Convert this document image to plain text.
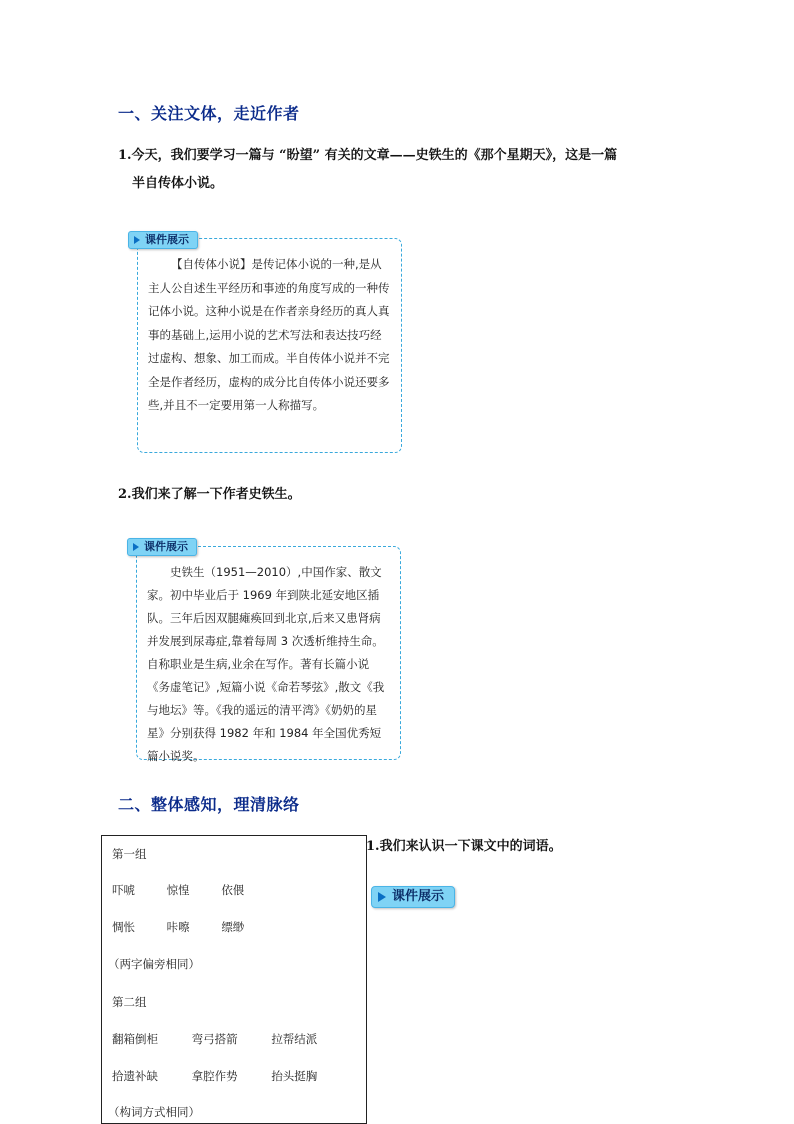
一、关注文体，走近作者
1.今天，我们要学习一篇与 “盼望” 有关的文章——史铁生的《那个星期天》，这是一篇
半自传体小说。

【自传体小说】是传记体小说的一种,是从主人公自述生平经历和事迹的角度写成的一种传记体小说。这种小说是在作者亲身经历的真人真事的基础上,运用小说的艺术写法和表达技巧经过虚构、想象、加工而成。半自传体小说并不完全是作者经历，虚构的成分比自传体小说还要多些,并且不一定要用第一人称描写。

课件展示
2.我们来了解一下作者史铁生。

史铁生（1951—2010）,中国作家、散文家。初中毕业后于 1969 年到陕北延安地区插队。三年后因双腿瘫痪回到北京,后来又患肾病并发展到尿毒症,靠着每周 3 次透析维持生命。自称职业是生病,业余在写作。著有长篇小说《务虚笔记》,短篇小说《命若琴弦》,散文《我与地坛》等。《我的遥远的清平湾》《奶奶的星星》分别获得 1982 年和 1984 年全国优秀短篇小说奖。

课件展示
二、整体感知，理清脉络
第一组
吓唬	惊惶	依偎
惆怅	咔嚓	缥缈
（两字偏旁相同）
第二组
翻箱倒柜	弯弓搭箭	拉帮结派
拾遗补缺	拿腔作势	抬头挺胸
（构词方式相同）
1.我们来认识一下课文中的词语。
课件展示
